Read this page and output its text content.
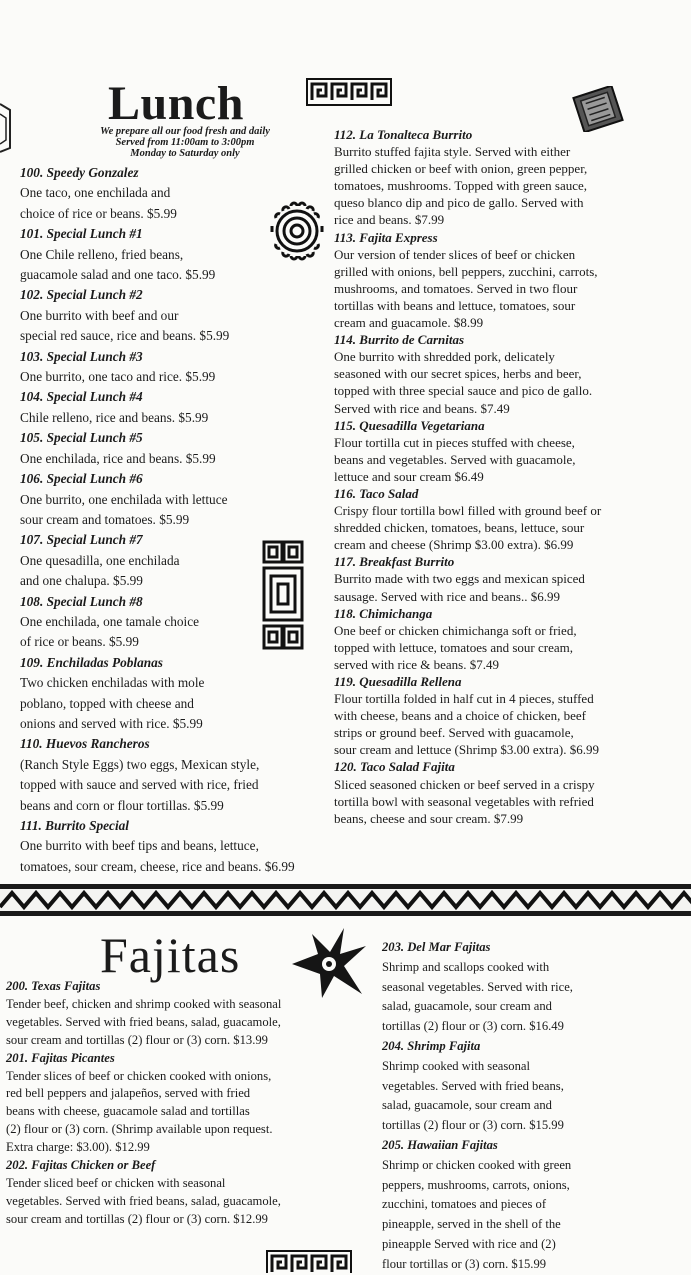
Lunch
We prepare all our food fresh and daily
Served from 11:00am to 3:00pm
Monday to Saturday only

100. Speedy Gonzalez

One taco, one enchilada and

choice of rice or beans. $5.99

101. Special Lunch #1

One Chile relleno, fried beans,

guacamole salad and one taco. $5.99

102. Special Lunch #2

One burrito with beef and our

special red sauce, rice and beans. $5.99

103. Special Lunch #3

One burrito, one taco and rice. $5.99

104. Special Lunch #4

Chile relleno, rice and beans. $5.99

105. Special Lunch #5

One enchilada, rice and beans. $5.99

106. Special Lunch #6

One burrito, one enchilada with lettuce

sour cream and tomatoes. $5.99

107. Special Lunch #7

One quesadilla, one enchilada

and one chalupa. $5.99

108. Special Lunch #8

One enchilada, one tamale choice

of rice or beans. $5.99

109. Enchiladas Poblanas

Two chicken enchiladas with mole

poblano, topped with cheese and

onions and served with rice. $5.99

110. Huevos Rancheros

(Ranch Style Eggs) two eggs, Mexican style,

topped with sauce and served with rice, fried

beans and corn or flour tortillas. $5.99

111. Burrito Special

One burrito with beef tips and beans, lettuce,

tomatoes, sour cream, cheese, rice and beans. $6.99

112. La Tonalteca Burrito

Burrito stuffed fajita style. Served with either

grilled chicken or beef with onion, green pepper,

tomatoes, mushrooms. Topped with green sauce,

queso blanco dip and pico de gallo. Served with

rice and beans. $7.99

113. Fajita Express

Our version of tender slices of beef or chicken

grilled with onions, bell peppers, zucchini, carrots,

mushrooms, and tomatoes. Served in two flour

tortillas with beans and lettuce, tomatoes, sour

cream and guacamole. $8.99

114. Burrito de Carnitas

One burrito with shredded pork, delicately

seasoned with our secret spices, herbs and beer,

topped with three special sauce and pico de gallo.

Served with rice and beans. $7.49

115. Quesadilla Vegetariana

Flour tortilla cut in pieces stuffed with cheese,

beans and vegetables. Served with guacamole,

lettuce and sour cream $6.49

116. Taco Salad

Crispy flour tortilla bowl filled with ground beef or

shredded chicken, tomatoes, beans, lettuce, sour

cream and cheese (Shrimp $3.00 extra). $6.99

117. Breakfast Burrito

Burrito made with two eggs and mexican spiced

sausage. Served with rice and beans.. $6.99

118. Chimichanga

One beef or chicken chimichanga soft or fried,

topped with lettuce, tomatoes and sour cream,

served with rice & beans. $7.49

119. Quesadilla Rellena

Flour tortilla folded in half cut in 4 pieces, stuffed

with cheese, beans and a choice of chicken, beef

strips or ground beef. Served with guacamole,

sour cream and lettuce (Shrimp $3.00 extra). $6.99

120. Taco Salad Fajita

Sliced seasoned chicken or beef served in a crispy

tortilla bowl with seasonal vegetables with refried

beans, cheese and sour cream. $7.99

Fajitas

200. Texas Fajitas

Tender beef, chicken and shrimp cooked with seasonal

vegetables. Served with fried beans, salad, guacamole,

sour cream and tortillas (2) flour or (3) corn. $13.99

201. Fajitas Picantes

Tender slices of beef or chicken cooked with onions,

red bell peppers and jalapeños, served with fried

beans with cheese, guacamole salad and tortillas

(2) flour or (3) corn. (Shrimp available upon request.

Extra charge: $3.00). $12.99

202. Fajitas Chicken or Beef

Tender sliced beef or chicken with seasonal

vegetables. Served with fried beans, salad, guacamole,

sour cream and tortillas (2) flour or (3) corn. $12.99

203. Del Mar Fajitas

Shrimp and scallops cooked with

seasonal vegetables. Served with rice,

salad, guacamole, sour cream and

tortillas (2) flour or (3) corn. $16.49

204. Shrimp Fajita

Shrimp cooked with seasonal

vegetables. Served with fried beans,

salad, guacamole, sour cream and

tortillas (2) flour or (3) corn. $15.99

205. Hawaiian Fajitas

Shrimp or chicken cooked with green

peppers, mushrooms, carrots, onions,

zucchini, tomatoes and pieces of

pineapple, served in the shell of the

pineapple Served with rice and (2)

flour tortillas or (3) corn. $15.99
